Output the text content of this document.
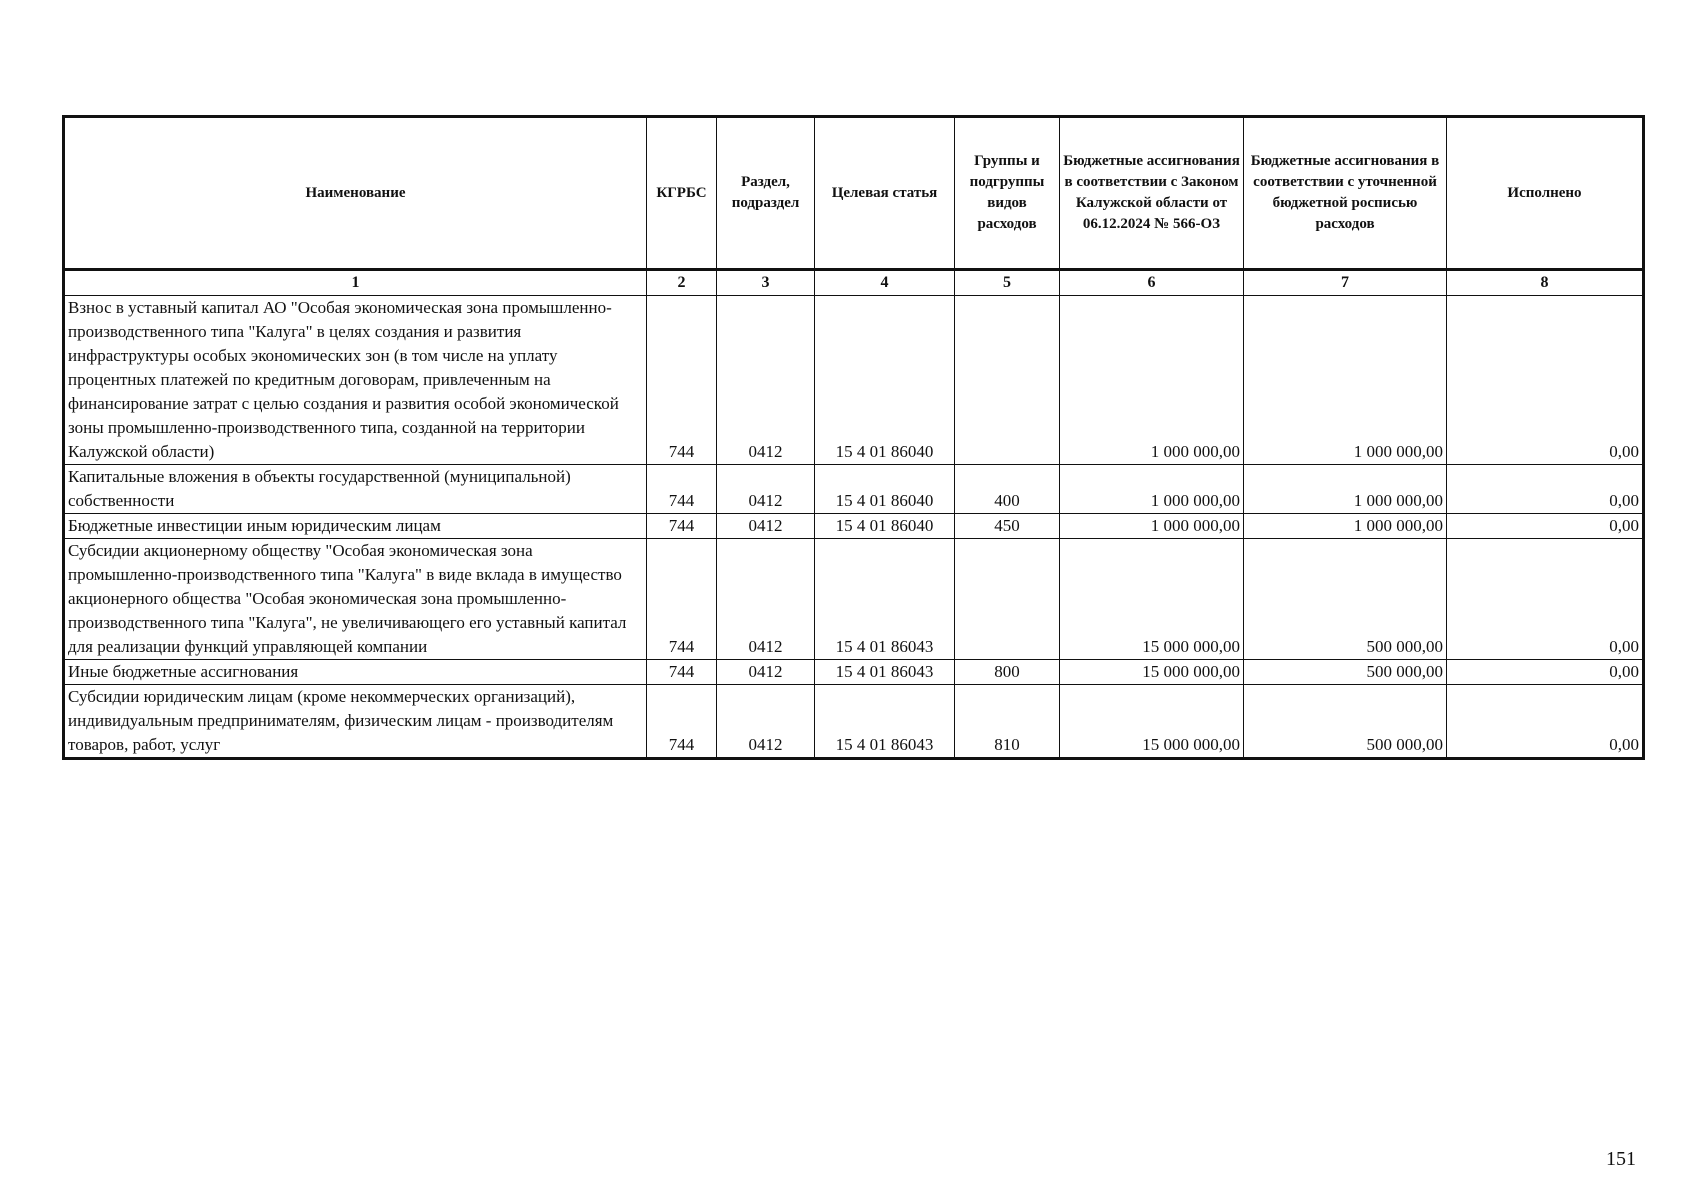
Наименование	КГРБС	Раздел, подраздел	Целевая статья	Группы и подгруппы видов расходов	Бюджетные ассигнования в соответствии с Законом Калужской области от 06.12.2024 № 566-ОЗ	Бюджетные ассигнования в соответствии с уточненной бюджетной росписью расходов	Исполнено
1	2	3	4	5	6	7	8
Взнос в уставный капитал АО "Особая экономическая зона промышленно-производственного типа "Калуга" в целях создания и развития инфраструктуры особых экономических зон (в том числе на уплату процентных платежей по кредитным договорам, привлеченным на финансирование затрат с целью создания и развития особой экономической зоны промышленно-производственного типа, созданной на территории Калужской области)	744	0412	15 4 01 86040		1 000 000,00	1 000 000,00	0,00
Капитальные вложения в объекты государственной (муниципальной) собственности	744	0412	15 4 01 86040	400	1 000 000,00	1 000 000,00	0,00
Бюджетные инвестиции иным юридическим лицам	744	0412	15 4 01 86040	450	1 000 000,00	1 000 000,00	0,00
Субсидии акционерному обществу "Особая экономическая зона промышленно-производственного типа "Калуга" в виде вклада в имущество акционерного общества "Особая экономическая зона промышленно-производственного типа "Калуга", не увеличивающего его уставный капитал для реализации функций управляющей компании	744	0412	15 4 01 86043		15 000 000,00	500 000,00	0,00
Иные бюджетные ассигнования	744	0412	15 4 01 86043	800	15 000 000,00	500 000,00	0,00
Субсидии юридическим лицам (кроме некоммерческих организаций), индивидуальным предпринимателям, физическим лицам - производителям товаров, работ, услуг	744	0412	15 4 01 86043	810	15 000 000,00	500 000,00	0,00
151
